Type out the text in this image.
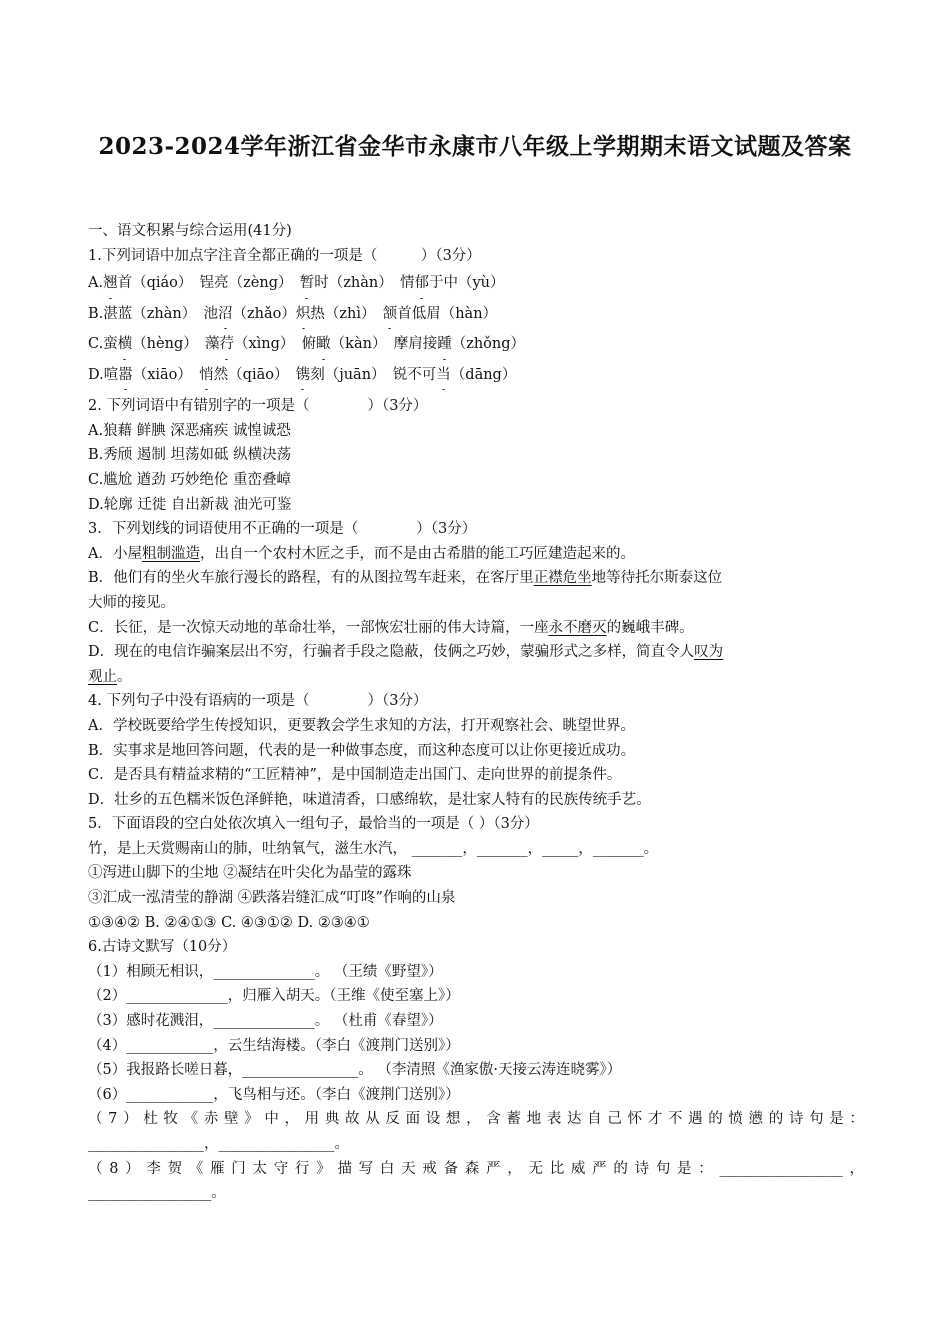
2023-2024学年浙江省金华市永康市八年级上学期期末语文试题及答案
一、语文积累与综合运用(41分)
1.下列词语中加点字注音全都正确的一项是（　　　）（3分）
A.翘首（qiáo）　锃亮（zèng）　暂时（zhàn）　情郁于中（yù）
B.湛蓝（zhàn）　池沼（zhǎo）炽热（zhì）　颔首低眉（hàn）
C.蛮横（hèng）　藻荇（xìng）　俯瞰（kàn）　摩肩接踵（zhǒng）
D.喧嚣（xiāo）　悄然（qiāo）　镌刻（juān）　锐不可当（dāng）
2. 下列词语中有错别字的一项是（　　　　）（3分）
A.狼藉 鲜腆 深恶痛疾 诚惶诚恐
B.秀颀 遏制 坦荡如砥 纵横决荡
C.尴尬 遒劲 巧妙绝伦 重峦叠嶂
D.轮廓 迁徙 自出新裁 油光可鉴
3．下列划线的词语使用不正确的一项是（　　　　）（3分）
A．小屋粗制滥造，出自一个农村木匠之手，而不是由古希腊的能工巧匠建造起来的。
B．他们有的坐火车旅行漫长的路程，有的从图拉驾车赶来，在客厅里正襟危坐地等待托尔斯泰这位
大师的接见。
C．长征，是一次惊天动地的革命壮举，一部恢宏壮丽的伟大诗篇，一座永不磨灭的巍峨丰碑。
D．现在的电信诈骗案层出不穷，行骗者手段之隐蔽，伎俩之巧妙，蒙骗形式之多样，简直令人叹为
观止。
4. 下列句子中没有语病的一项是（　　　　）（3分）
A．学校既要给学生传授知识，更要教会学生求知的方法，打开观察社会、眺望世界。
B．实事求是地回答问题，代表的是一种做事态度，而这种态度可以让你更接近成功。
C．是否具有精益求精的“工匠精神”，是中国制造走出国门、走向世界的前提条件。
D．壮乡的五色糯米饭色泽鲜艳，味道清香，口感绵软，是壮家人特有的民族传统手艺。
5．下面语段的空白处依次填入一组句子，最恰当的一项是（ ）（3分）
竹，是上天赏赐南山的肺，吐纳氧气，滋生水汽， _______，_______，_____，_______。
①泻进山脚下的尘地 ②凝结在叶尖化为晶莹的露珠
③汇成一泓清莹的静湖 ④跌落岩缝汇成“叮咚”作响的山泉
①③④② B. ②④①③ C. ④③①② D. ②③④①
6.古诗文默写（10分）
（1）相顾无相识，______________。 （王绩《野望》）
（2）______________，归雁入胡天。（王维《使至塞上》）
（3）感时花溅泪，______________。 （杜甫《春望》）
（4）____________，云生结海楼。（李白《渡荆门送别》）
（5）我报路长嗟日暮，________________。 （李清照《渔家傲·天接云涛连晓雾》）
（6）____________，飞鸟相与还。（李白《渡荆门送别》）
（7）杜牧《赤壁》中，用典故从反面设想，含蓄地表达自己怀才不遇的愤懑的诗句是：
________________，________________。
（8）李贺《雁门太守行》描写白天戒备森严，无比威严的诗句是：_________________，
_________________。
